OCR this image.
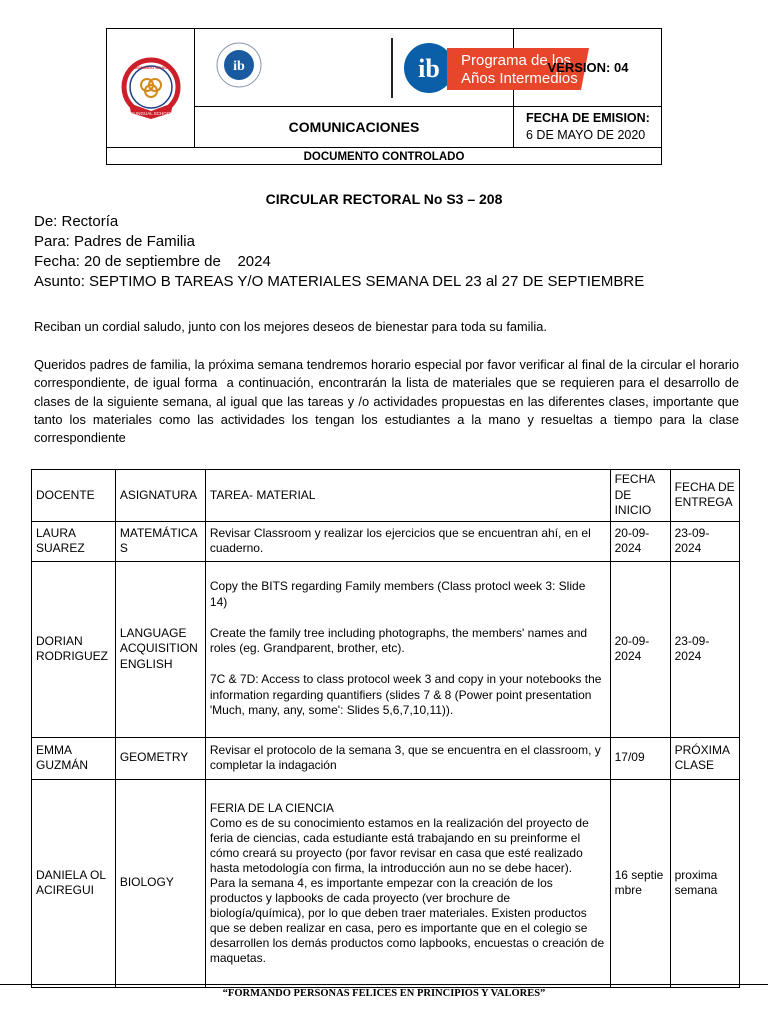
BILINGUAL SCHOOL
DOMINGO SAVIO	ib	ib Programa de los
Años Intermedios
VERSION: 04
COMUNICACIONES
FECHA DE EMISION:
6 DE MAYO DE 2020
DOCUMENTO CONTROLADO
CIRCULAR RECTORAL No S3 – 208
De: Rectoría
Para: Padres de Familia
Fecha: 20 de septiembre de    2024
Asunto: SEPTIMO B TAREAS Y/O MATERIALES SEMANA DEL 23 al 27 DE SEPTIEMBRE
Reciban un cordial saludo, junto con los mejores deseos de bienestar para toda su familia.
Queridos padres de familia, la próxima semana tendremos horario especial por favor verificar al final de la circular el horario correspondiente, de igual forma  a continuación, encontrarán la lista de materiales que se requieren para el desarrollo de clases de la siguiente semana, al igual que las tareas y /o actividades propuestas en las diferentes clases, importante que tanto los materiales como las actividades los tengan los estudiantes a la mano y resueltas a tiempo para la clase correspondiente
DOCENTE	ASIGNATURA	TAREA- MATERIAL	FECHA DE INICIO	FECHA DE ENTREGA
LAURA SUAREZ	MATEMÁTICAS	Revisar Classroom y realizar los ejercicios que se encuentran ahí, en el cuaderno.	20-09-2024	23-09-2024
DORIAN RODRIGUEZ	LANGUAGE ACQUISITION ENGLISH	Copy the BITS regarding Family members (Class protocl week 3: Slide 14)

Create the family tree including photographs, the members' names and roles (eg. Grandparent, brother, etc).

7C & 7D: Access to class protocol week 3 and copy in your notebooks the information regarding quantifiers (slides 7 & 8 (Power point presentation 'Much, many, any, some': Slides 5,6,7,10,11)).	20-09-2024	23-09-2024
EMMA GUZMÁN	GEOMETRY	Revisar el protocolo de la semana 3, que se encuentra en el classroom, y completar la indagación	17/09	PRÓXIMA CLASE
DANIELA OLACIREGUI	BIOLOGY	FERIA DE LA CIENCIA
Como es de su conocimiento estamos en la realización del proyecto de feria de ciencias, cada estudiante está trabajando en su preinforme el cómo creará su proyecto (por favor revisar en casa que esté realizado hasta metodología con firma, la introducción aun no se debe hacer).
Para la semana 4, es importante empezar con la creación de los productos y lapbooks de cada proyecto (ver brochure de biología/química), por lo que deben traer materiales. Existen productos que se deben realizar en casa, pero es importante que en el colegio se desarrollen los demás productos como lapbooks, encuestas o creación de maquetas.	16 septiembre	proxima semana
“FORMANDO PERSONAS FELICES EN PRINCIPIOS Y VALORES”
